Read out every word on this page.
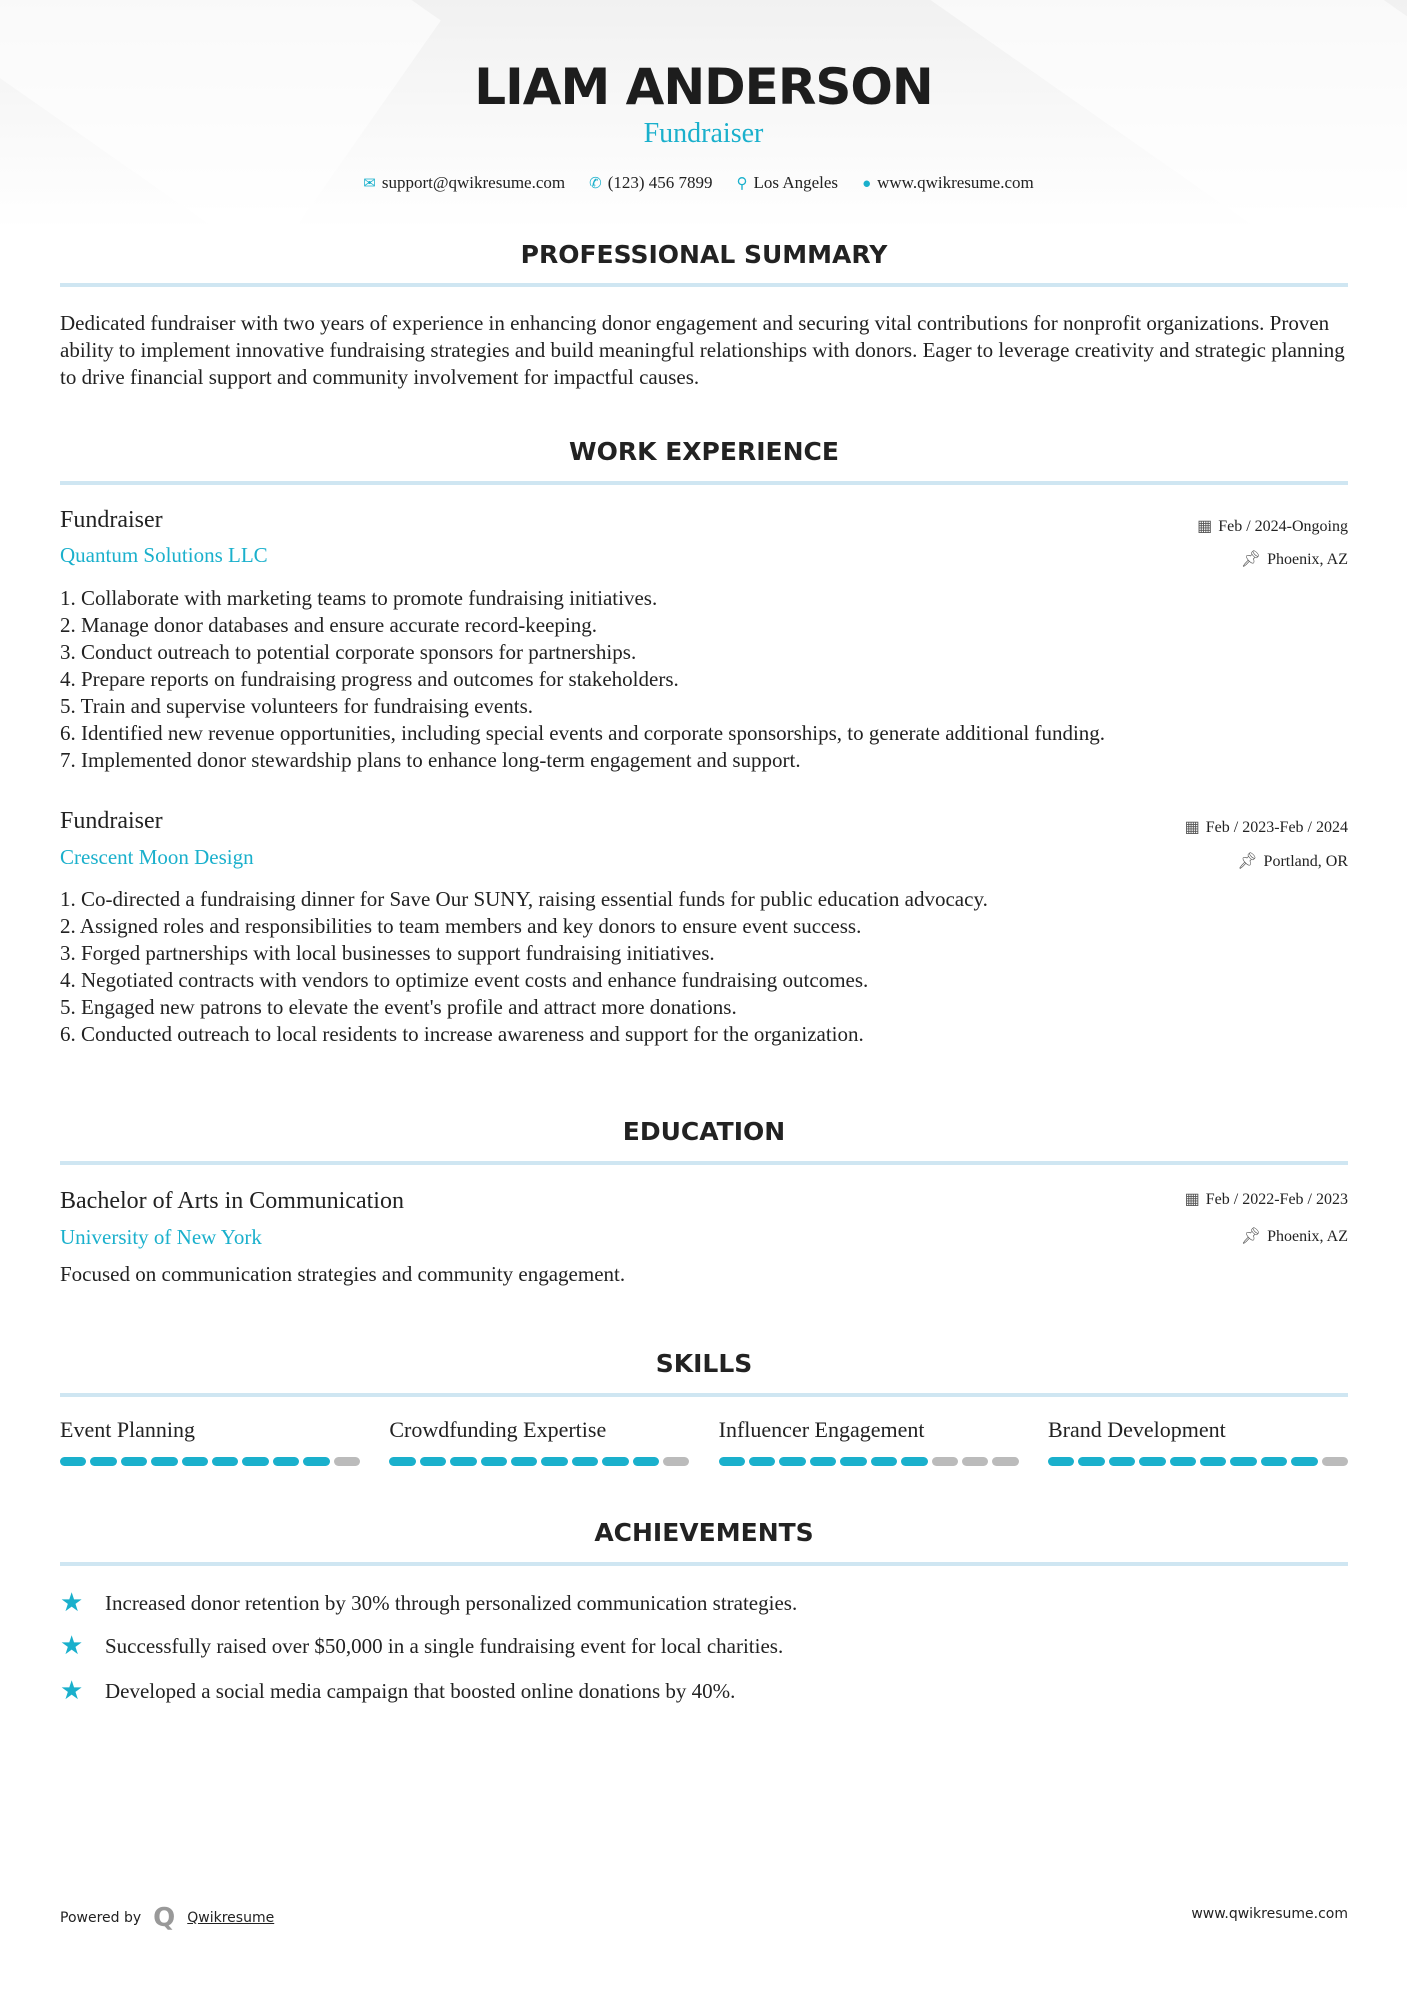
LIAM ANDERSON
Fundraiser
✉ support@qwikresume.com ✆ (123) 456 7899 ⚲ Los Angeles ● www.qwikresume.com
PROFESSIONAL SUMMARY
Dedicated fundraiser with two years of experience in enhancing donor engagement and securing vital contributions for nonprofit organizations. Proven ability to implement innovative fundraising strategies and build meaningful relationships with donors. Eager to leverage creativity and strategic planning to drive financial support and community involvement for impactful causes.
WORK EXPERIENCE
Fundraiser
Quantum Solutions LLC
▦ Feb / 2024-Ongoing
📌︎ Phoenix, AZ
1. Collaborate with marketing teams to promote fundraising initiatives.
2. Manage donor databases and ensure accurate record-keeping.
3. Conduct outreach to potential corporate sponsors for partnerships.
4. Prepare reports on fundraising progress and outcomes for stakeholders.
5. Train and supervise volunteers for fundraising events.
6. Identified new revenue opportunities, including special events and corporate sponsorships, to generate additional funding.
7. Implemented donor stewardship plans to enhance long-term engagement and support.
Fundraiser
Crescent Moon Design
▦ Feb / 2023-Feb / 2024
📌︎ Portland, OR
1. Co-directed a fundraising dinner for Save Our SUNY, raising essential funds for public education advocacy.
2. Assigned roles and responsibilities to team members and key donors to ensure event success.
3. Forged partnerships with local businesses to support fundraising initiatives.
4. Negotiated contracts with vendors to optimize event costs and enhance fundraising outcomes.
5. Engaged new patrons to elevate the event's profile and attract more donations.
6. Conducted outreach to local residents to increase awareness and support for the organization.
EDUCATION
Bachelor of Arts in Communication
University of New York
▦ Feb / 2022-Feb / 2023
📌︎ Phoenix, AZ
Focused on communication strategies and community engagement.
SKILLS
Event Planning	Crowdfunding Expertise	Influencer Engagement	Brand Development
ACHIEVEMENTS
★	Increased donor retention by 30% through personalized communication strategies.
★	Successfully raised over $50,000 in a single fundraising event for local charities.
★	Developed a social media campaign that boosted online donations by 40%.
Powered by Q Qwikresume	www.qwikresume.com
